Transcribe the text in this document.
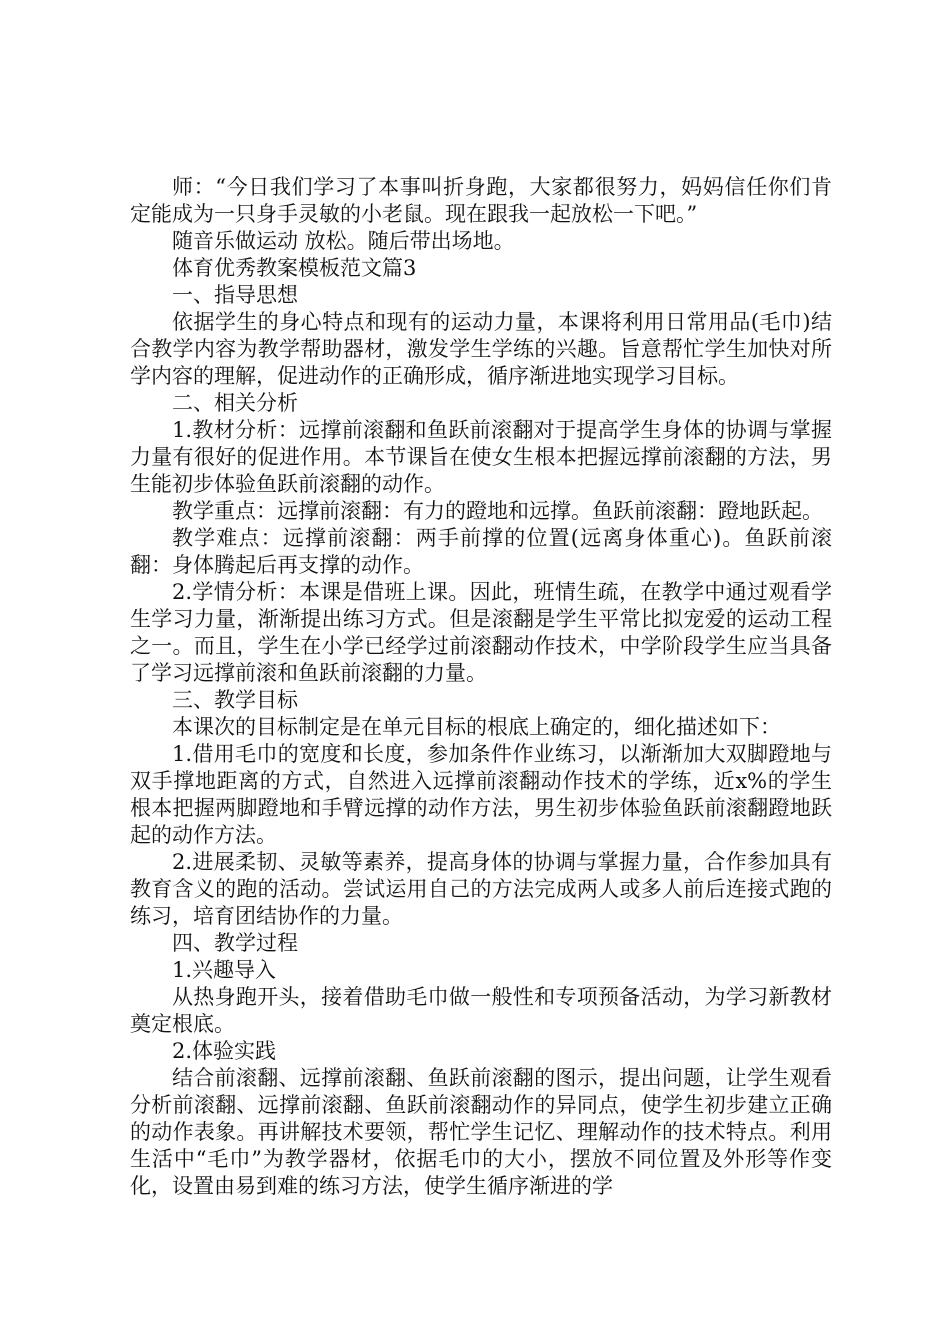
师：“今日我们学习了本事叫折身跑，大家都很努力，妈妈信任你们肯定能成为一只身手灵敏的小老鼠。现在跟我一起放松一下吧。”

随音乐做运动 放松。随后带出场地。

体育优秀教案模板范文篇3

一、指导思想

依据学生的身心特点和现有的运动力量，本课将利用日常用品(毛巾)结合教学内容为教学帮助器材，激发学生学练的兴趣。旨意帮忙学生加快对所学内容的理解，促进动作的正确形成，循序渐进地实现学习目标。

二、相关分析

1.教材分析：远撑前滚翻和鱼跃前滚翻对于提高学生身体的协调与掌握力量有很好的促进作用。本节课旨在使女生根本把握远撑前滚翻的方法，男生能初步体验鱼跃前滚翻的动作。

教学重点：远撑前滚翻：有力的蹬地和远撑。鱼跃前滚翻：蹬地跃起。

教学难点：远撑前滚翻：两手前撑的位置(远离身体重心)。鱼跃前滚翻：身体腾起后再支撑的动作。

2.学情分析：本课是借班上课。因此，班情生疏，在教学中通过观看学生学习力量，渐渐提出练习方式。但是滚翻是学生平常比拟宠爱的运动工程之一。而且，学生在小学已经学过前滚翻动作技术，中学阶段学生应当具备了学习远撑前滚和鱼跃前滚翻的力量。

三、教学目标

本课次的目标制定是在单元目标的根底上确定的，细化描述如下：

1.借用毛巾的宽度和长度，参加条件作业练习，以渐渐加大双脚蹬地与双手撑地距离的方式，自然进入远撑前滚翻动作技术的学练，近x%的学生根本把握两脚蹬地和手臂远撑的动作方法，男生初步体验鱼跃前滚翻蹬地跃起的动作方法。

2.进展柔韧、灵敏等素养，提高身体的协调与掌握力量，合作参加具有教育含义的跑的活动。尝试运用自己的方法完成两人或多人前后连接式跑的练习，培育团结协作的力量。

四、教学过程

1.兴趣导入

从热身跑开头，接着借助毛巾做一般性和专项预备活动，为学习新教材奠定根底。

2.体验实践

结合前滚翻、远撑前滚翻、鱼跃前滚翻的图示，提出问题，让学生观看分析前滚翻、远撑前滚翻、鱼跃前滚翻动作的异同点，使学生初步建立正确的动作表象。再讲解技术要领，帮忙学生记忆、理解动作的技术特点。利用生活中“毛巾”为教学器材，依据毛巾的大小，摆放不同位置及外形等作变化，设置由易到难的练习方法，使学生循序渐进的学
